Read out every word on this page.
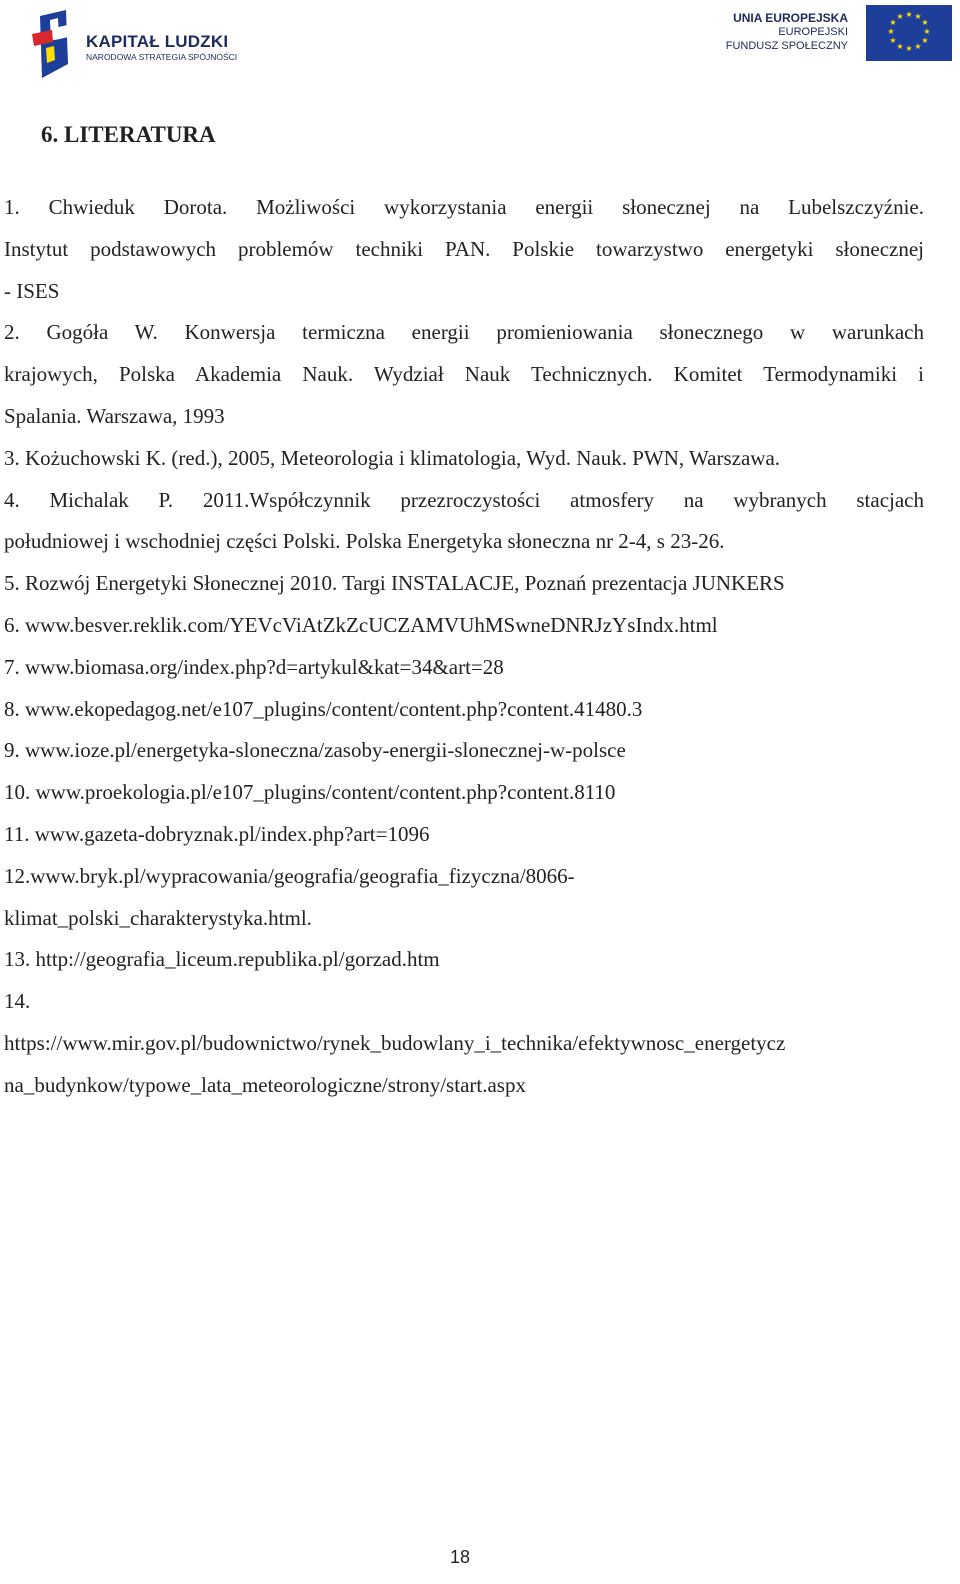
KAPITAŁ LUDZKI
NARODOWA STRATEGIA SPÓJNOŚCI
UNIA EUROPEJSKA
EUROPEJSKI
FUNDUSZ SPOŁECZNY
★ ★
★
★
★
★
★
★
★
★
★
★
6. LITERATURA
1. Chwieduk Dorota. Możliwości wykorzystania energii słonecznej na Lubelszczyźnie.
Instytut podstawowych problemów techniki PAN. Polskie towarzystwo energetyki słonecznej
- ISES
2. Gogóła W. Konwersja termiczna energii promieniowania słonecznego w warunkach
krajowych, Polska Akademia Nauk. Wydział Nauk Technicznych. Komitet Termodynamiki i
Spalania. Warszawa, 1993
3. Kożuchowski K. (red.), 2005, Meteorologia i klimatologia, Wyd. Nauk. PWN, Warszawa.
4. Michalak P. 2011.Współczynnik przezroczystości atmosfery na wybranych stacjach
południowej i wschodniej części Polski. Polska Energetyka słoneczna nr 2-4, s 23-26.
5. Rozwój Energetyki Słonecznej 2010. Targi INSTALACJE, Poznań prezentacja JUNKERS
6. www.besver.reklik.com/YEVcViAtZkZcUCZAMVUhMSwneDNRJzYsIndx.html
7. www.biomasa.org/index.php?d=artykul&kat=34&art=28
8. www.ekopedagog.net/e107_plugins/content/content.php?content.41480.3
9. www.ioze.pl/energetyka-sloneczna/zasoby-energii-slonecznej-w-polsce
10. www.proekologia.pl/e107_plugins/content/content.php?content.8110
11. www.gazeta-dobryznak.pl/index.php?art=1096
12.www.bryk.pl/wypracowania/geografia/geografia_fizyczna/8066-
klimat_polski_charakterystyka.html.
13. http://geografia_liceum.republika.pl/gorzad.htm
14.
https://www.mir.gov.pl/budownictwo/rynek_budowlany_i_technika/efektywnosc_energetycz
na_budynkow/typowe_lata_meteorologiczne/strony/start.aspx
18
